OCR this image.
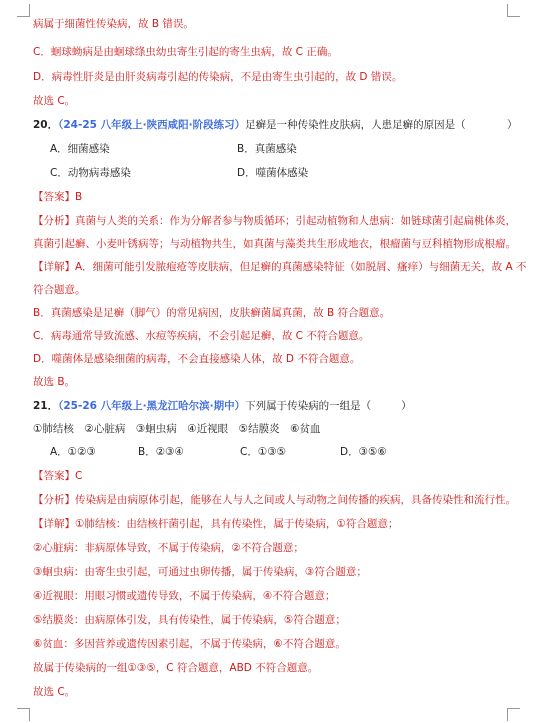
病属于细菌性传染病，故 B 错误。
C．蛔球蚴病是由蛔球绦虫幼虫寄生引起的寄生虫病，故 C 正确。
D．病毒性肝炎是由肝炎病毒引起的传染病，不是由寄生虫引起的，故 D 错误。
故选 C。
20．（24-25 八年级上·陕西咸阳·阶段练习）足癣是一种传染性皮肤病，人患足癣的原因是（	）
A．细菌感染	B．真菌感染
C．动物病毒感染	D．噬菌体感染
【答案】B
【分析】真菌与人类的关系：作为分解者参与物质循环；引起动植物和人患病：如链球菌引起扁桃体炎，
真菌引起癣、小麦叶锈病等；与动植物共生，如真菌与藻类共生形成地衣，根瘤菌与豆科植物形成根瘤。
【详解】A．细菌可能引发脓疱疮等皮肤病，但足癣的真菌感染特征（如脱屑、瘙痒）与细菌无关，故 A 不
符合题意。
B．真菌感染是足癣（脚气）的常见病因，皮肤癣菌属真菌，故 B 符合题意。
C．病毒通常导致流感、水痘等疾病，不会引起足癣，故 C 不符合题意。
D．噬菌体是感染细菌的病毒，不会直接感染人体，故 D 不符合题意。
故选 B。
21．（25-26 八年级上·黑龙江哈尔滨·期中）下列属于传染病的一组是（	）
①肺结核　②心脏病　③蛔虫病　④近视眼　⑤结膜炎　⑥贫血
A．①②③	B．②③④	C．①③⑤	D．③⑤⑥
【答案】C
【分析】传染病是由病原体引起，能够在人与人之间或人与动物之间传播的疾病，具备传染性和流行性。
【详解】①肺结核：由结核杆菌引起，具有传染性，属于传染病，①符合题意；
②心脏病：非病原体导致，不属于传染病，②不符合题意；
③蛔虫病：由寄生虫引起，可通过虫卵传播，属于传染病，③符合题意；
④近视眼：用眼习惯或遗传导致，不属于传染病，④不符合题意；
⑤结膜炎：由病原体引发，具有传染性，属于传染病，⑤符合题意；
⑥贫血：多因营养或遗传因素引起，不属于传染病，⑥不符合题意。
故属于传染病的一组①③⑤，C 符合题意，ABD 不符合题意。
故选 C。
